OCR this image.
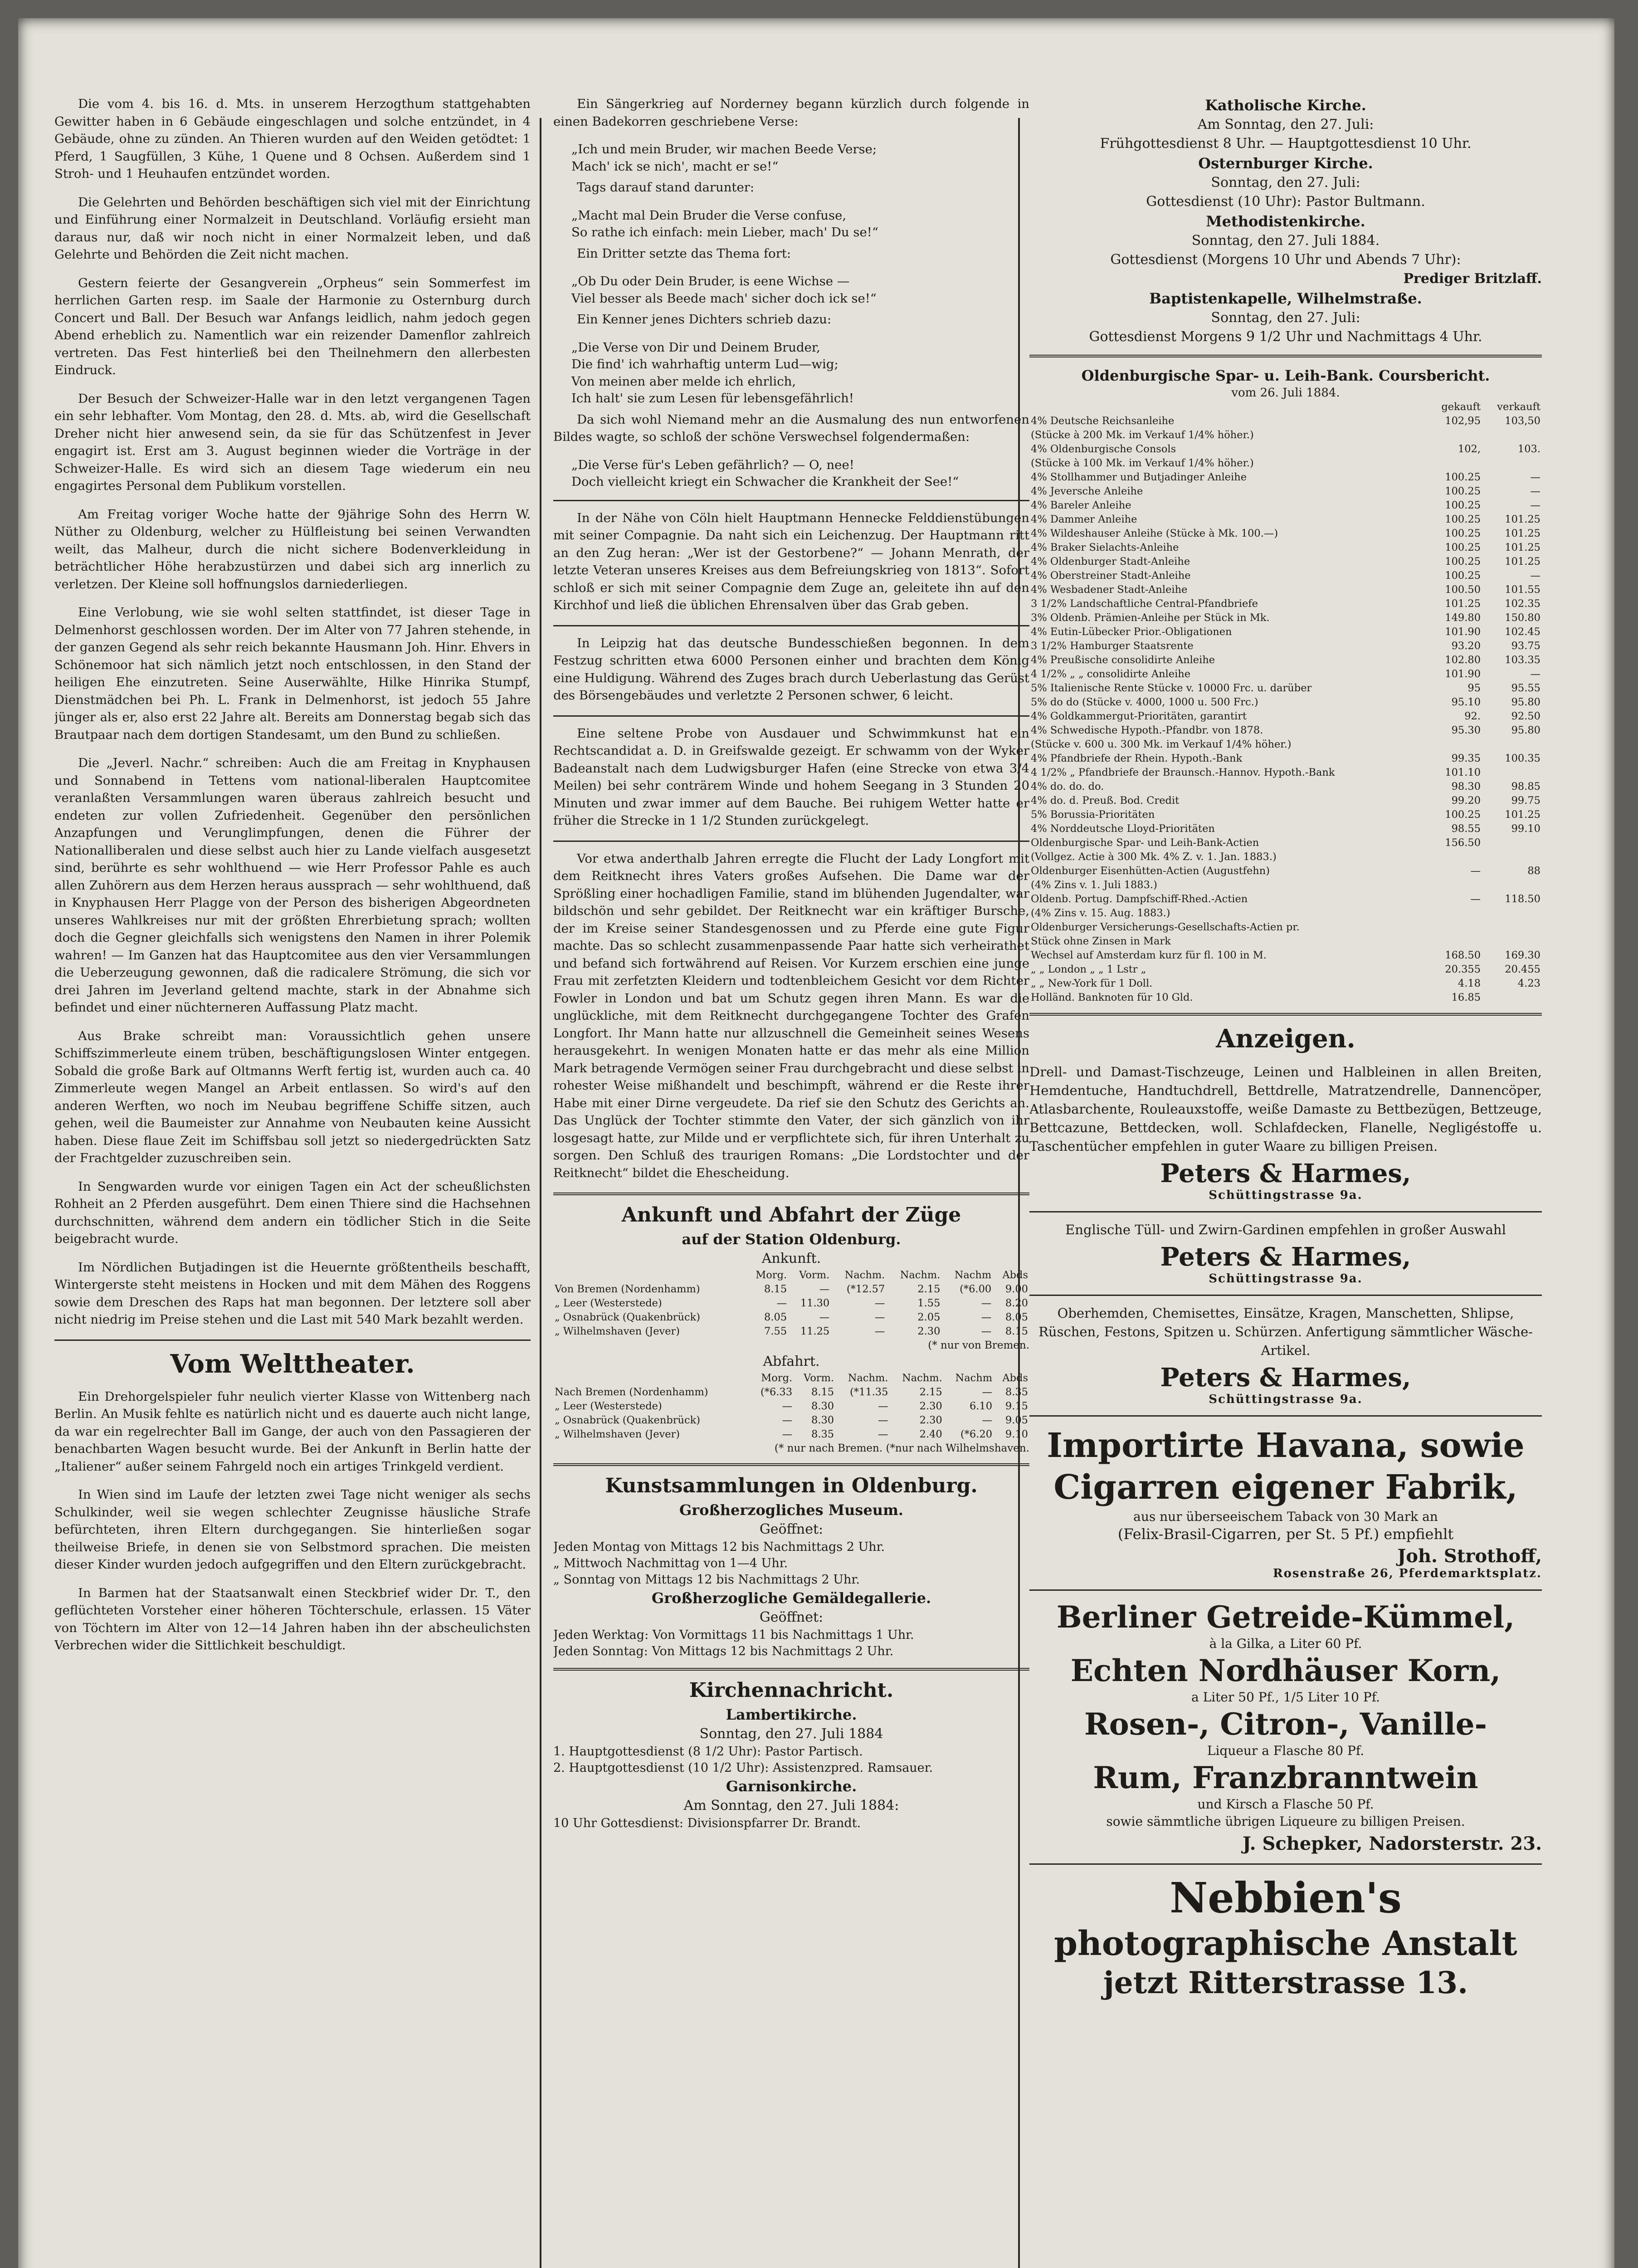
Die vom 4. bis 16. d. Mts. in unserem Herzogthum stattgehabten Gewitter haben in 6 Gebäude eingeschlagen und solche entzündet, in 4 Gebäude, ohne zu zünden. An Thieren wurden auf den Weiden getödtet: 1 Pferd, 1 Saugfüllen, 3 Kühe, 1 Quene und 8 Ochsen. Außerdem sind 1 Stroh- und 1 Heuhaufen entzündet worden.

Die Gelehrten und Behörden beschäftigen sich viel mit der Einrichtung und Einführung einer Normalzeit in Deutschland. Vorläufig ersieht man daraus nur, daß wir noch nicht in einer Normalzeit leben, und daß Gelehrte und Behörden die Zeit nicht machen.

Gestern feierte der Gesangverein „Orpheus“ sein Sommerfest im herrlichen Garten resp. im Saale der Harmonie zu Osternburg durch Concert und Ball. Der Besuch war Anfangs leidlich, nahm jedoch gegen Abend erheblich zu. Namentlich war ein reizender Damenflor zahlreich vertreten. Das Fest hinterließ bei den Theilnehmern den allerbesten Eindruck.

Der Besuch der Schweizer-Halle war in den letzt vergangenen Tagen ein sehr lebhafter. Vom Montag, den 28. d. Mts. ab, wird die Gesellschaft Dreher nicht hier anwesend sein, da sie für das Schützenfest in Jever engagirt ist. Erst am 3. August beginnen wieder die Vorträge in der Schweizer-Halle. Es wird sich an diesem Tage wiederum ein neu engagirtes Personal dem Publikum vorstellen.

Am Freitag voriger Woche hatte der 9jährige Sohn des Herrn W. Nüther zu Oldenburg, welcher zu Hülfleistung bei seinen Verwandten weilt, das Malheur, durch die nicht sichere Bodenverkleidung in beträchtlicher Höhe herabzustürzen und dabei sich arg innerlich zu verletzen. Der Kleine soll hoffnungslos darniederliegen.

Eine Verlobung, wie sie wohl selten stattfindet, ist dieser Tage in Delmenhorst geschlossen worden. Der im Alter von 77 Jahren stehende, in der ganzen Gegend als sehr reich bekannte Hausmann Joh. Hinr. Ehvers in Schönemoor hat sich nämlich jetzt noch entschlossen, in den Stand der heiligen Ehe einzutreten. Seine Auserwählte, Hilke Hinrika Stumpf, Dienstmädchen bei Ph. L. Frank in Delmenhorst, ist jedoch 55 Jahre jünger als er, also erst 22 Jahre alt. Bereits am Donnerstag begab sich das Brautpaar nach dem dortigen Standesamt, um den Bund zu schließen.

Die „Jeverl. Nachr.“ schreiben: Auch die am Freitag in Knyphausen und Sonnabend in Tettens vom national-liberalen Hauptcomitee veranlaßten Versammlungen waren überaus zahlreich besucht und endeten zur vollen Zufriedenheit. Gegenüber den persönlichen Anzapfungen und Verunglimpfungen, denen die Führer der Nationalliberalen und diese selbst auch hier zu Lande vielfach ausgesetzt sind, berührte es sehr wohlthuend — wie Herr Professor Pahle es auch allen Zuhörern aus dem Herzen heraus aussprach — sehr wohlthuend, daß in Knyphausen Herr Plagge von der Person des bisherigen Abgeordneten unseres Wahlkreises nur mit der größten Ehrerbietung sprach; wollten doch die Gegner gleichfalls sich wenigstens den Namen in ihrer Polemik wahren! — Im Ganzen hat das Hauptcomitee aus den vier Versammlungen die Ueberzeugung gewonnen, daß die radicalere Strömung, die sich vor drei Jahren im Jeverland geltend machte, stark in der Abnahme sich befindet und einer nüchterneren Auffassung Platz macht.

Aus Brake schreibt man: Voraussichtlich gehen unsere Schiffszimmerleute einem trüben, beschäftigungslosen Winter entgegen. Sobald die große Bark auf Oltmanns Werft fertig ist, wurden auch ca. 40 Zimmerleute wegen Mangel an Arbeit entlassen. So wird's auf den anderen Werften, wo noch im Neubau begriffene Schiffe sitzen, auch gehen, weil die Baumeister zur Annahme von Neubauten keine Aussicht haben. Diese flaue Zeit im Schiffsbau soll jetzt so niedergedrückten Satz der Frachtgelder zuzuschreiben sein.

In Sengwarden wurde vor einigen Tagen ein Act der scheußlichsten Rohheit an 2 Pferden ausgeführt. Dem einen Thiere sind die Hachsehnen durchschnitten, während dem andern ein tödlicher Stich in die Seite beigebracht wurde.

Im Nördlichen Butjadingen ist die Heuernte größtentheils beschafft, Wintergerste steht meistens in Hocken und mit dem Mähen des Roggens sowie dem Dreschen des Raps hat man begonnen. Der letztere soll aber nicht niedrig im Preise stehen und die Last mit 540 Mark bezahlt werden.

Vom Welttheater.

Ein Drehorgelspieler fuhr neulich vierter Klasse von Wittenberg nach Berlin. An Musik fehlte es natürlich nicht und es dauerte auch nicht lange, da war ein regelrechter Ball im Gange, der auch von den Passagieren der benachbarten Wagen besucht wurde. Bei der Ankunft in Berlin hatte der „Italiener“ außer seinem Fahrgeld noch ein artiges Trinkgeld verdient.

In Wien sind im Laufe der letzten zwei Tage nicht weniger als sechs Schulkinder, weil sie wegen schlechter Zeugnisse häusliche Strafe befürchteten, ihren Eltern durchgegangen. Sie hinterließen sogar theilweise Briefe, in denen sie von Selbstmord sprachen. Die meisten dieser Kinder wurden jedoch aufgegriffen und den Eltern zurückgebracht.

In Barmen hat der Staatsanwalt einen Steckbrief wider Dr. T., den geflüchteten Vorsteher einer höheren Töchterschule, erlassen. 15 Väter von Töchtern im Alter von 12—14 Jahren haben ihn der abscheulichsten Verbrechen wider die Sittlichkeit beschuldigt.

Ein Sängerkrieg auf Norderney begann kürzlich durch folgende in einen Badekorren geschriebene Verse:

„Ich und mein Bruder, wir machen Beede Verse;
Mach' ick se nich', macht er se!“

Tags darauf stand darunter:

„Macht mal Dein Bruder die Verse confuse,
So rathe ich einfach: mein Lieber, mach' Du se!“

Ein Dritter setzte das Thema fort:

„Ob Du oder Dein Bruder, is eene Wichse —
Viel besser als Beede mach' sicher doch ick se!“

Ein Kenner jenes Dichters schrieb dazu:

„Die Verse von Dir und Deinem Bruder,
Die find' ich wahrhaftig unterm Lud—wig;
Von meinen aber melde ich ehrlich,
Ich halt' sie zum Lesen für lebensgefährlich!

Da sich wohl Niemand mehr an die Ausmalung des nun entworfenen Bildes wagte, so schloß der schöne Verswechsel folgendermaßen:

„Die Verse für's Leben gefährlich? — O, nee!
Doch vielleicht kriegt ein Schwacher die Krankheit der See!“

In der Nähe von Cöln hielt Hauptmann Hennecke Felddienstübungen mit seiner Compagnie. Da naht sich ein Leichenzug. Der Hauptmann ritt an den Zug heran: „Wer ist der Gestorbene?“ — Johann Menrath, der letzte Veteran unseres Kreises aus dem Befreiungskrieg von 1813“. Sofort schloß er sich mit seiner Compagnie dem Zuge an, geleitete ihn auf den Kirchhof und ließ die üblichen Ehrensalven über das Grab geben.

In Leipzig hat das deutsche Bundesschießen begonnen. In dem Festzug schritten etwa 6000 Personen einher und brachten dem König eine Huldigung. Während des Zuges brach durch Ueberlastung das Gerüst des Börsengebäudes und verletzte 2 Personen schwer, 6 leicht.

Eine seltene Probe von Ausdauer und Schwimmkunst hat ein Rechtscandidat a. D. in Greifswalde gezeigt. Er schwamm von der Wyker Badeanstalt nach dem Ludwigsburger Hafen (eine Strecke von etwa 3/4 Meilen) bei sehr conträrem Winde und hohem Seegang in 3 Stunden 20 Minuten und zwar immer auf dem Bauche. Bei ruhigem Wetter hatte er früher die Strecke in 1 1/2 Stunden zurückgelegt.

Vor etwa anderthalb Jahren erregte die Flucht der Lady Longfort mit dem Reitknecht ihres Vaters großes Aufsehen. Die Dame war der Sprößling einer hochadligen Familie, stand im blühenden Jugendalter, war bildschön und sehr gebildet. Der Reitknecht war ein kräftiger Bursche, der im Kreise seiner Standesgenossen und zu Pferde eine gute Figur machte. Das so schlecht zusammenpassende Paar hatte sich verheirathet und befand sich fortwährend auf Reisen. Vor Kurzem erschien eine junge Frau mit zerfetzten Kleidern und todtenbleichem Gesicht vor dem Richter Fowler in London und bat um Schutz gegen ihren Mann. Es war die unglückliche, mit dem Reitknecht durchgegangene Tochter des Grafen Longfort. Ihr Mann hatte nur allzuschnell die Gemeinheit seines Wesens herausgekehrt. In wenigen Monaten hatte er das mehr als eine Million Mark betragende Vermögen seiner Frau durchgebracht und diese selbst in rohester Weise mißhandelt und beschimpft, während er die Reste ihrer Habe mit einer Dirne vergeudete. Da rief sie den Schutz des Gerichts an. Das Unglück der Tochter stimmte den Vater, der sich gänzlich von ihr losgesagt hatte, zur Milde und er verpflichtete sich, für ihren Unterhalt zu sorgen. Den Schluß des traurigen Romans: „Die Lordstochter und der Reitknecht“ bildet die Ehescheidung.

Ankunft und Abfahrt der Züge
auf der Station Oldenburg.
Ankunft.
	Morg.	Vorm.	Nachm.	Nachm.	Nachm	Abds
Von Bremen (Nordenhamm)	8.15	—	(*12.57	2.15	(*6.00	9.00
„ Leer (Westerstede)	—	11.30	—	1.55	—	8.20
„ Osnabrück (Quakenbrück)	8.05	—	—	2.05	—	8.05
„ Wilhelmshaven (Jever)	7.55	11.25	—	2.30	—	8.15
(* nur von Bremen.
Abfahrt.
	Morg.	Vorm.	Nachm.	Nachm.	Nachm	Abds
Nach Bremen (Nordenhamm)	(*6.33	8.15	(*11.35	2.15	—	8.35
„ Leer (Westerstede)	—	8.30	—	2.30	6.10	9.15
„ Osnabrück (Quakenbrück)	—	8.30	—	2.30	—	9.05
„ Wilhelmshaven (Jever)	—	8.35	—	2.40	(*6.20	9.10
(* nur nach Bremen. (*nur nach Wilhelmshaven.
Kunstsammlungen in Oldenburg.
Großherzogliches Museum.
Geöffnet:

Jeden Montag von Mittags 12 bis Nachmittags 2 Uhr.

„ Mittwoch Nachmittag von 1—4 Uhr.

„ Sonntag von Mittags 12 bis Nachmittags 2 Uhr.

Großherzogliche Gemäldegallerie.
Geöffnet:

Jeden Werktag: Von Vormittags 11 bis Nachmittags 1 Uhr.

Jeden Sonntag: Von Mittags 12 bis Nachmittags 2 Uhr.

Kirchennachricht.
Lambertikirche.
Sonntag, den 27. Juli 1884

1. Hauptgottesdienst (8 1/2 Uhr): Pastor Partisch.

2. Hauptgottesdienst (10 1/2 Uhr): Assistenzpred. Ramsauer.

Garnisonkirche.
Am Sonntag, den 27. Juli 1884:

10 Uhr Gottesdienst: Divisionspfarrer Dr. Brandt.

Katholische Kirche.
Am Sonntag, den 27. Juli:
Frühgottesdienst 8 Uhr. — Hauptgottesdienst 10 Uhr.
Osternburger Kirche.
Sonntag, den 27. Juli:
Gottesdienst (10 Uhr): Pastor Bultmann.
Methodistenkirche.
Sonntag, den 27. Juli 1884.
Gottesdienst (Morgens 10 Uhr und Abends 7 Uhr):
Prediger Britzlaff.
Baptistenkapelle, Wilhelmstraße.
Sonntag, den 27. Juli:
Gottesdienst Morgens 9 1/2 Uhr und Nachmittags 4 Uhr.
Oldenburgische Spar- u. Leih-Bank. Coursbericht.
vom 26. Juli 1884.
	gekauft	verkauft
4% Deutsche Reichsanleihe	102,95	103,50
(Stücke à 200 Mk. im Verkauf 1/4% höher.)		
4% Oldenburgische Consols	102,	103.
(Stücke à 100 Mk. im Verkauf 1/4% höher.)		
4% Stollhammer und Butjadinger Anleihe	100.25	—
4% Jeversche Anleihe	100.25	—
4% Bareler Anleihe	100.25	—
4% Dammer Anleihe	100.25	101.25
4% Wildeshauser Anleihe (Stücke à Mk. 100.—)	100.25	101.25
4% Braker Sielachts-Anleihe	100.25	101.25
4% Oldenburger Stadt-Anleihe	100.25	101.25
4% Oberstreiner Stadt-Anleihe	100.25	—
4% Wesbadener Stadt-Anleihe	100.50	101.55
3 1/2% Landschaftliche Central-Pfandbriefe	101.25	102.35
3% Oldenb. Prämien-Anleihe per Stück in Mk.	149.80	150.80
4% Eutin-Lübecker Prior.-Obligationen	101.90	102.45
3 1/2% Hamburger Staatsrente	93.20	93.75
4% Preußische consolidirte Anleihe	102.80	103.35
4 1/2% „ „ consolidirte Anleihe	101.90	—
5% Italienische Rente Stücke v. 10000 Frc. u. darüber	95	95.55
5% do do (Stücke v. 4000, 1000 u. 500 Frc.)	95.10	95.80
4% Goldkammergut-Prioritäten, garantirt	92.	92.50
4% Schwedische Hypoth.-Pfandbr. von 1878.	95.30	95.80
(Stücke v. 600 u. 300 Mk. im Verkauf 1/4% höher.)		
4% Pfandbriefe der Rhein. Hypoth.-Bank	99.35	100.35
4 1/2% „ Pfandbriefe der Braunsch.-Hannov. Hypoth.-Bank	101.10	
4% do. do. do.	98.30	98.85
4% do. d. Preuß. Bod. Credit	99.20	99.75
5% Borussia-Prioritäten	100.25	101.25
4% Norddeutsche Lloyd-Prioritäten	98.55	99.10
Oldenburgische Spar- und Leih-Bank-Actien	156.50	
(Vollgez. Actie à 300 Mk. 4% Z. v. 1. Jan. 1883.)		
Oldenburger Eisenhütten-Actien (Augustfehn)	—	88
(4% Zins v. 1. Juli 1883.)		
Oldenb. Portug. Dampfschiff-Rhed.-Actien	—	118.50
(4% Zins v. 15. Aug. 1883.)		
Oldenburger Versicherungs-Gesellschafts-Actien pr.		
Stück ohne Zinsen in Mark		
Wechsel auf Amsterdam kurz für fl. 100 in M.	168.50	169.30
„ „ London „ „ 1 Lstr „	20.355	20.455
„ „ New-York für 1 Doll.	4.18	4.23
Holländ. Banknoten für 10 Gld.	16.85	
Anzeigen.

Drell- und Damast-Tischzeuge, Leinen und Halbleinen in allen Breiten, Hemdentuche, Handtuchdrell, Bettdrelle, Matratzendrelle, Dannencöper, Atlasbarchente, Rouleauxstoffe, weiße Damaste zu Bettbezügen, Bettzeuge, Bettcazune, Bettdecken, woll. Schlafdecken, Flanelle, Negligéstoffe u. Taschentücher empfehlen in guter Waare zu billigen Preisen.

Peters & Harmes,
Schüttingstrasse 9a.

Englische Tüll- und Zwirn-Gardinen empfehlen in großer Auswahl

Peters & Harmes,
Schüttingstrasse 9a.

Oberhemden, Chemisettes, Einsätze, Kragen, Manschetten, Shlipse, Rüschen, Festons, Spitzen u. Schürzen. Anfertigung sämmtlicher Wäsche-Artikel.

Peters & Harmes,
Schüttingstrasse 9a.
Importirte Havana, sowie
Cigarren eigener Fabrik,
aus nur überseeischem Taback von 30 Mark an
(Felix-Brasil-Cigarren, per St. 5 Pf.) empfiehlt
Joh. Strothoff,
Rosenstraße 26, Pferdemarktsplatz.
Berliner Getreide-Kümmel,
à la Gilka, a Liter 60 Pf.
Echten Nordhäuser Korn,
a Liter 50 Pf., 1/5 Liter 10 Pf.
Rosen-, Citron-, Vanille-
Liqueur a Flasche 80 Pf.
Rum, Franzbranntwein
und Kirsch a Flasche 50 Pf.
sowie sämmtliche übrigen Liqueure zu billigen Preisen.
J. Schepker, Nadorsterstr. 23.
Nebbien's
photographische Anstalt
jetzt Ritterstrasse 13.
